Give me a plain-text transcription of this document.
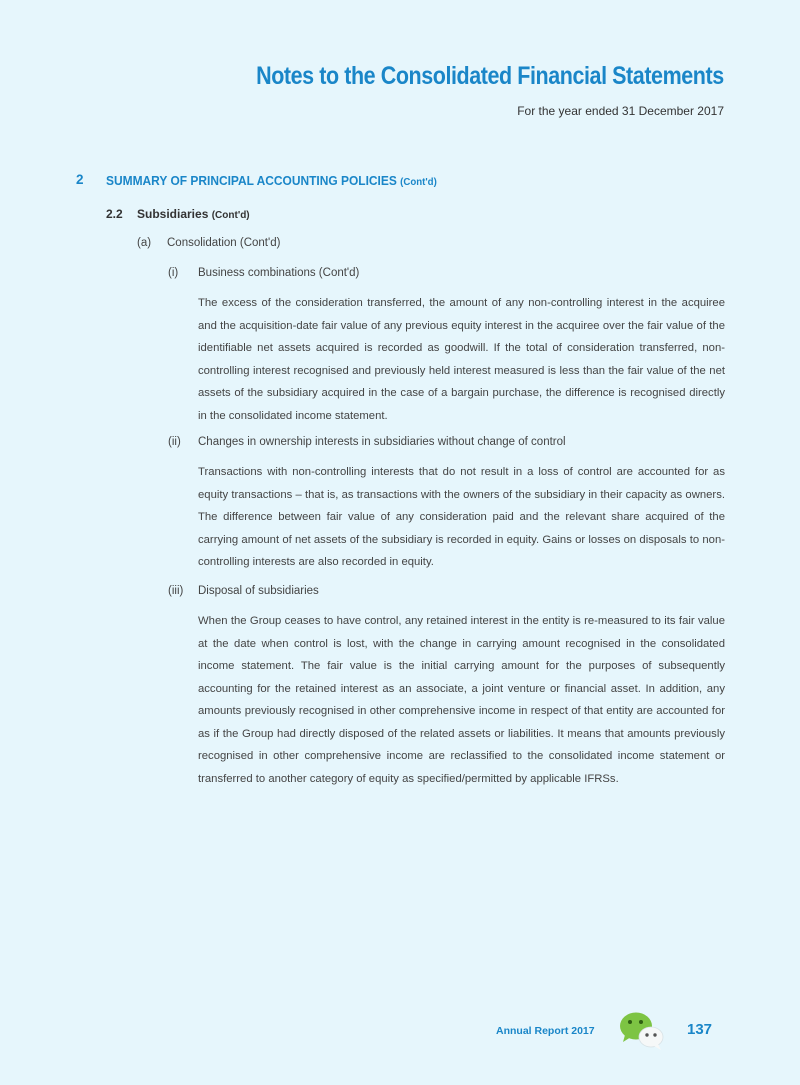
Notes to the Consolidated Financial Statements
For the year ended 31 December 2017
2 SUMMARY OF PRINCIPAL ACCOUNTING POLICIES (Cont'd)
2.2 Subsidiaries (Cont'd)
(a) Consolidation (Cont'd)
(i) Business combinations (Cont'd)

The excess of the consideration transferred, the amount of any non-controlling interest in the acquiree and the acquisition-date fair value of any previous equity interest in the acquiree over the fair value of the identifiable net assets acquired is recorded as goodwill. If the total of consideration transferred, non-controlling interest recognised and previously held interest measured is less than the fair value of the net assets of the subsidiary acquired in the case of a bargain purchase, the difference is recognised directly in the consolidated income statement.

(ii) Changes in ownership interests in subsidiaries without change of control

Transactions with non-controlling interests that do not result in a loss of control are accounted for as equity transactions – that is, as transactions with the owners of the subsidiary in their capacity as owners. The difference between fair value of any consideration paid and the relevant share acquired of the carrying amount of net assets of the subsidiary is recorded in equity. Gains or losses on disposals to non-controlling interests are also recorded in equity.

(iii) Disposal of subsidiaries

When the Group ceases to have control, any retained interest in the entity is re-measured to its fair value at the date when control is lost, with the change in carrying amount recognised in the consolidated income statement. The fair value is the initial carrying amount for the purposes of subsequently accounting for the retained interest as an associate, a joint venture or financial asset. In addition, any amounts previously recognised in other comprehensive income in respect of that entity are accounted for as if the Group had directly disposed of the related assets or liabilities. It means that amounts previously recognised in other comprehensive income are reclassified to the consolidated income statement or transferred to another category of equity as specified/permitted by applicable IFRSs.

Annual Report 2017	137
